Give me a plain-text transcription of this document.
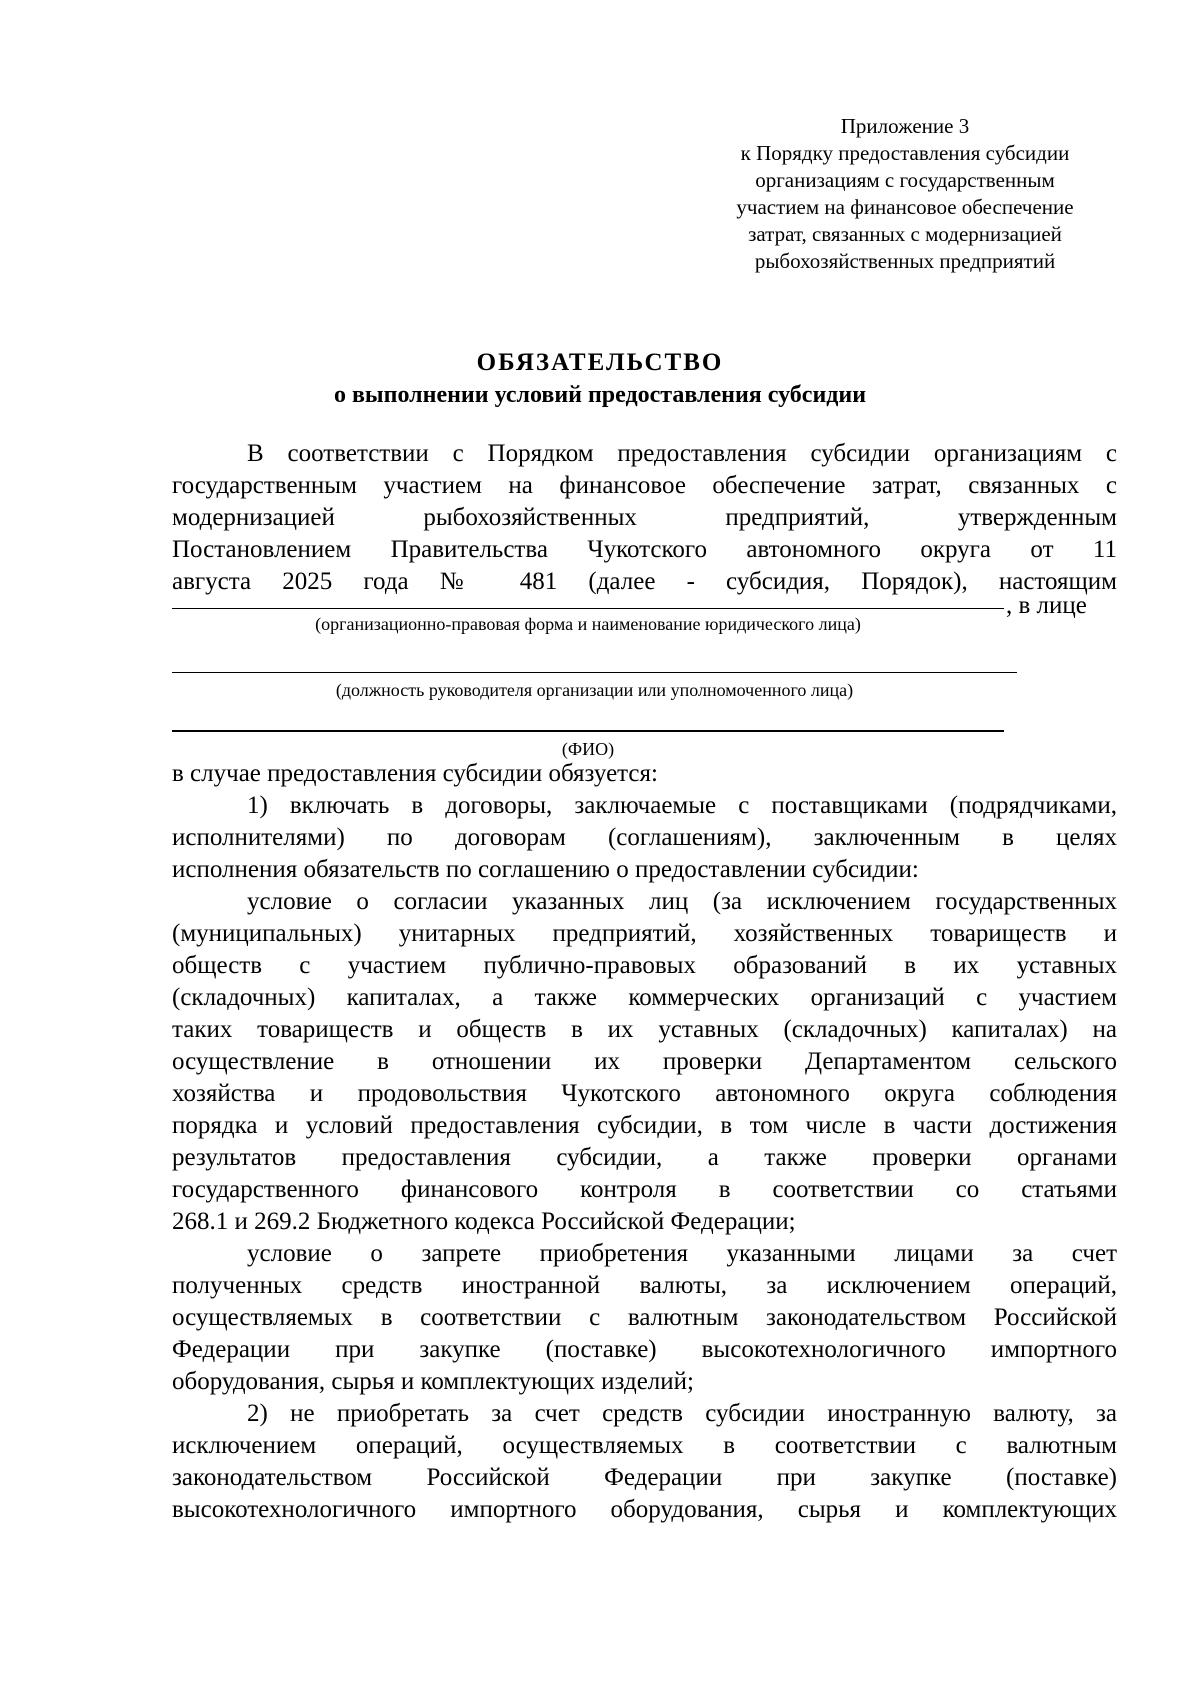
Приложение 3
к Порядку предоставления субсидии
организациям с государственным
участием на финансовое обеспечение
затрат, связанных с модернизацией
рыбохозяйственных предприятий
ОБЯЗАТЕЛЬСТВО
о выполнении условий предоставления субсидии
В соответствии с Порядком предоставления субсидии организациям с
государственным участием на финансовое обеспечение затрат, связанных с
модернизацией рыбохозяйственных предприятий, утвержденным
Постановлением Правительства Чукотского автономного округа от 11
августа 2025 года № 481 (далее - субсидия, Порядок), настоящим
, в лице
(организационно-правовая форма и наименование юридического лица)
(должность руководителя организации или уполномоченного лица)
(ФИО)
в случае предоставления субсидии обязуется:
1) включать в договоры, заключаемые с поставщиками (подрядчиками,
исполнителями) по договорам (соглашениям), заключенным в целях
исполнения обязательств по соглашению о предоставлении субсидии:
условие о согласии указанных лиц (за исключением государственных
(муниципальных) унитарных предприятий, хозяйственных товариществ и
обществ с участием публично-правовых образований в их уставных
(складочных) капиталах, а также коммерческих организаций с участием
таких товариществ и обществ в их уставных (складочных) капиталах) на
осуществление в отношении их проверки Департаментом сельского
хозяйства и продовольствия Чукотского автономного округа соблюдения
порядка и условий предоставления субсидии, в том числе в части достижения
результатов предоставления субсидии, а также проверки органами
государственного финансового контроля в соответствии со статьями
268.1 и 269.2 Бюджетного кодекса Российской Федерации;
условие о запрете приобретения указанными лицами за счет
полученных средств иностранной валюты, за исключением операций,
осуществляемых в соответствии с валютным законодательством Российской
Федерации при закупке (поставке) высокотехнологичного импортного
оборудования, сырья и комплектующих изделий;
2) не приобретать за счет средств субсидии иностранную валюту, за
исключением операций, осуществляемых в соответствии с валютным
законодательством Российской Федерации при закупке (поставке)
высокотехнологичного импортного оборудования, сырья и комплектующих
